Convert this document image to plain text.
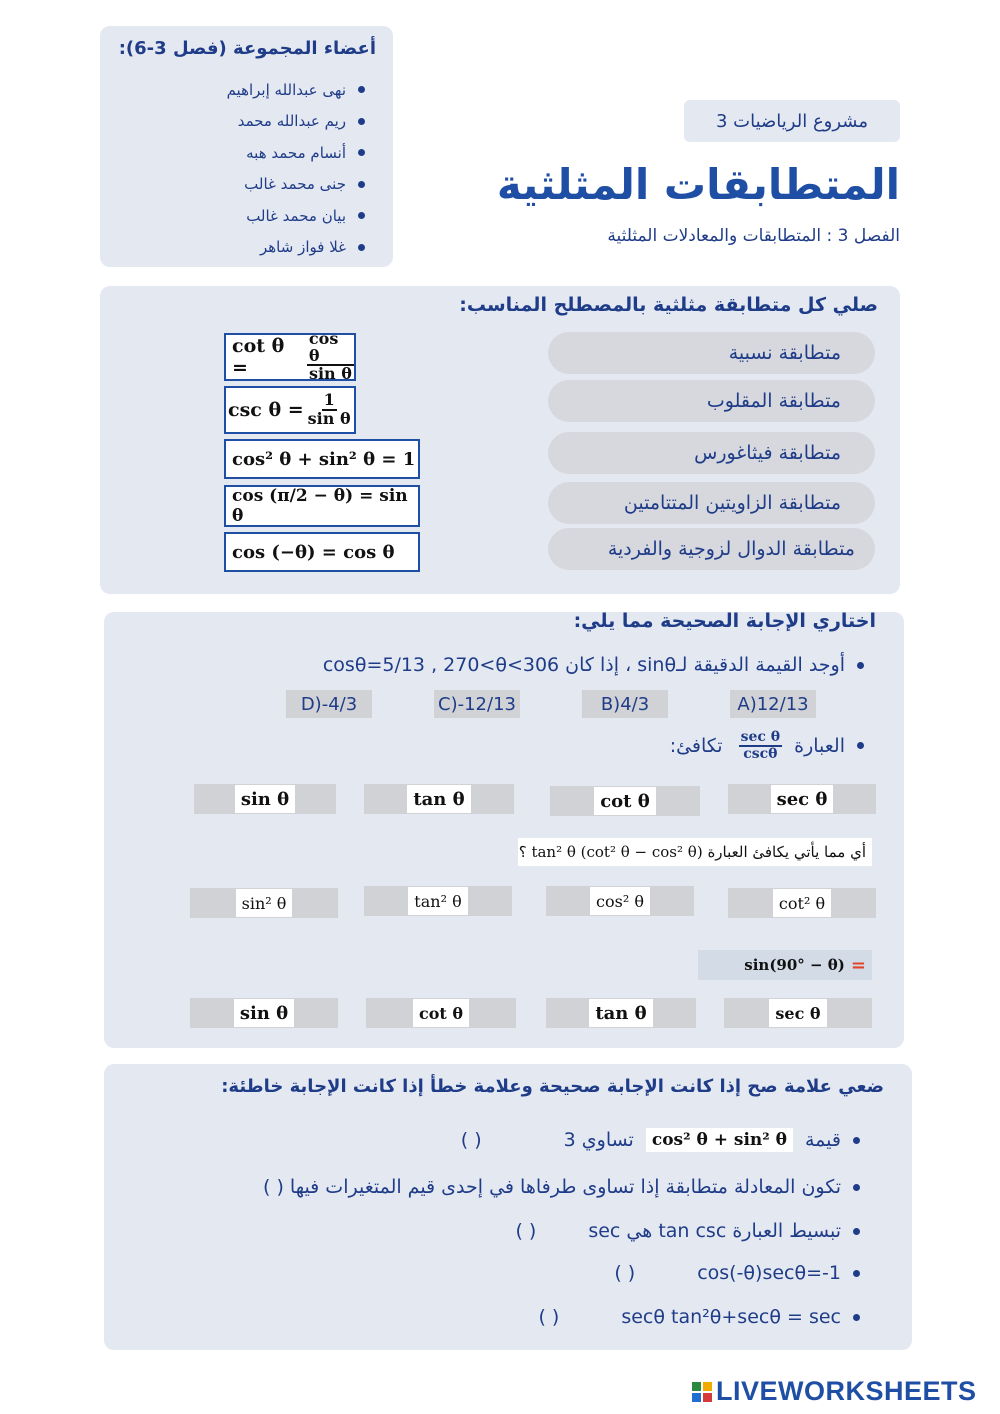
أعضاء المجموعة (فصل 3-6):
نهى عبدالله إبراهيم
ريم عبدالله محمد
أنسام محمد هبه
جنى محمد غالب
بيان محمد غالب
غلا فواز شاهر
مشروع الرياضيات 3
المتطابقات المثلثية
الفصل 3 : المتطابقات والمعادلات المثلثية
صلي كل متطابقة مثلثية بالمصطلح المناسب:
متطابقة نسبية
متطابقة المقلوب
متطابقة فيثاغورس
متطابقة الزاويتين المتتامتين
متطابقة الدوال لزوجية والفردية
cot θ =	$\frac{\text{cos θ}}{\text{sin θ}}$
$\csc \theta = \frac{1}{\text{sin θ}}$
cos² θ + sin² θ = 1
cos (π/2 − θ) = sin θ
cos (−θ) = cos θ
اختاري الإجابة الصحيحة مما يلي:
أوجد القيمة الدقيقة لـsinθ ، إذا كان cosθ=5/13 , 270<θ<306
A)12/13
B)4/3
C)-12/13
D)-4/3
العبارة
$\frac{\text{sec θ}}{\csc\theta}$
تكافئ:
sec θ
cot θ
tan θ
sin θ
أي مما يأتي يكافئ العبارة tan² θ (cot² θ − cos² θ) ؟
cot² θ
cos² θ
tan² θ
sin² θ
sin(90° − θ) =
sec θ
tan θ
cot θ
sin θ
ضعي علامة صح إذا كانت الإجابة صحيحة وعلامة خطأ إذا كانت الإجابة خاطئة:
قيمة
cos² θ + sin² θ
تساوي 3
( )
تكون المعادلة متطابقة إذا تساوى طرفاها في إحدى قيم المتغيرات فيها ( )
تبسيط العبارة tan csc هي sec
( )
cos(-θ)secθ=-1
( )
secθ tan²θ+secθ = sec
( )
LIVEWORKSHEETS
